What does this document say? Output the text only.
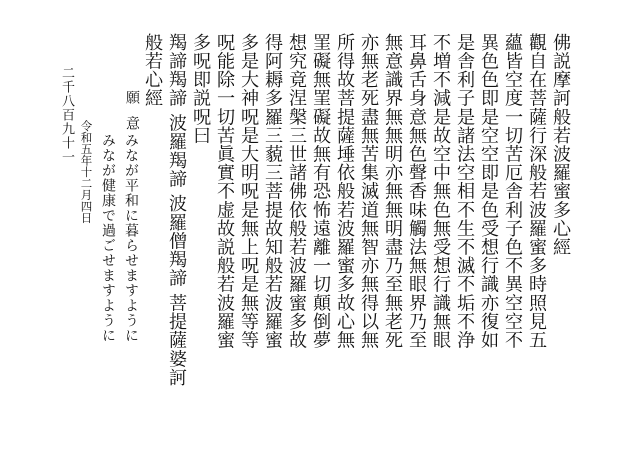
佛説摩訶般若波羅蜜多心經
觀自在菩薩行深般若波羅蜜多時照見五
蘊皆空度一切苦厄舎利子色不異空空不
異色色即是空空即是色受想行識亦復如
是舎利子是諸法空相不生不滅不垢不浄
不増不減是故空中無色無受想行識無眼
耳鼻舌身意無色聲香味觸法無眼界乃至
無意識界無無明亦無無明盡乃至無老死
亦無老死盡無苦集滅道無智亦無得以無
所得故菩提薩埵依般若波羅蜜多故心無
罣礙無罣礙故無有恐怖遠離一切顛倒夢
想究竟涅槃三世諸佛依般若波羅蜜多故
得阿耨多羅三藐三菩提故知般若波羅蜜
多是大神呪是大明呪是無上呪是無等等
呪能除一切苦眞實不虚故説般若波羅蜜
多呪即説呪曰
羯諦羯諦 波羅羯諦 波羅僧羯諦 菩提薩婆訶
般若心經
願意
みなが平和に暮らせますように
みなが健康で過ごせますように
令和五年十二月四日
二千八百九十一
